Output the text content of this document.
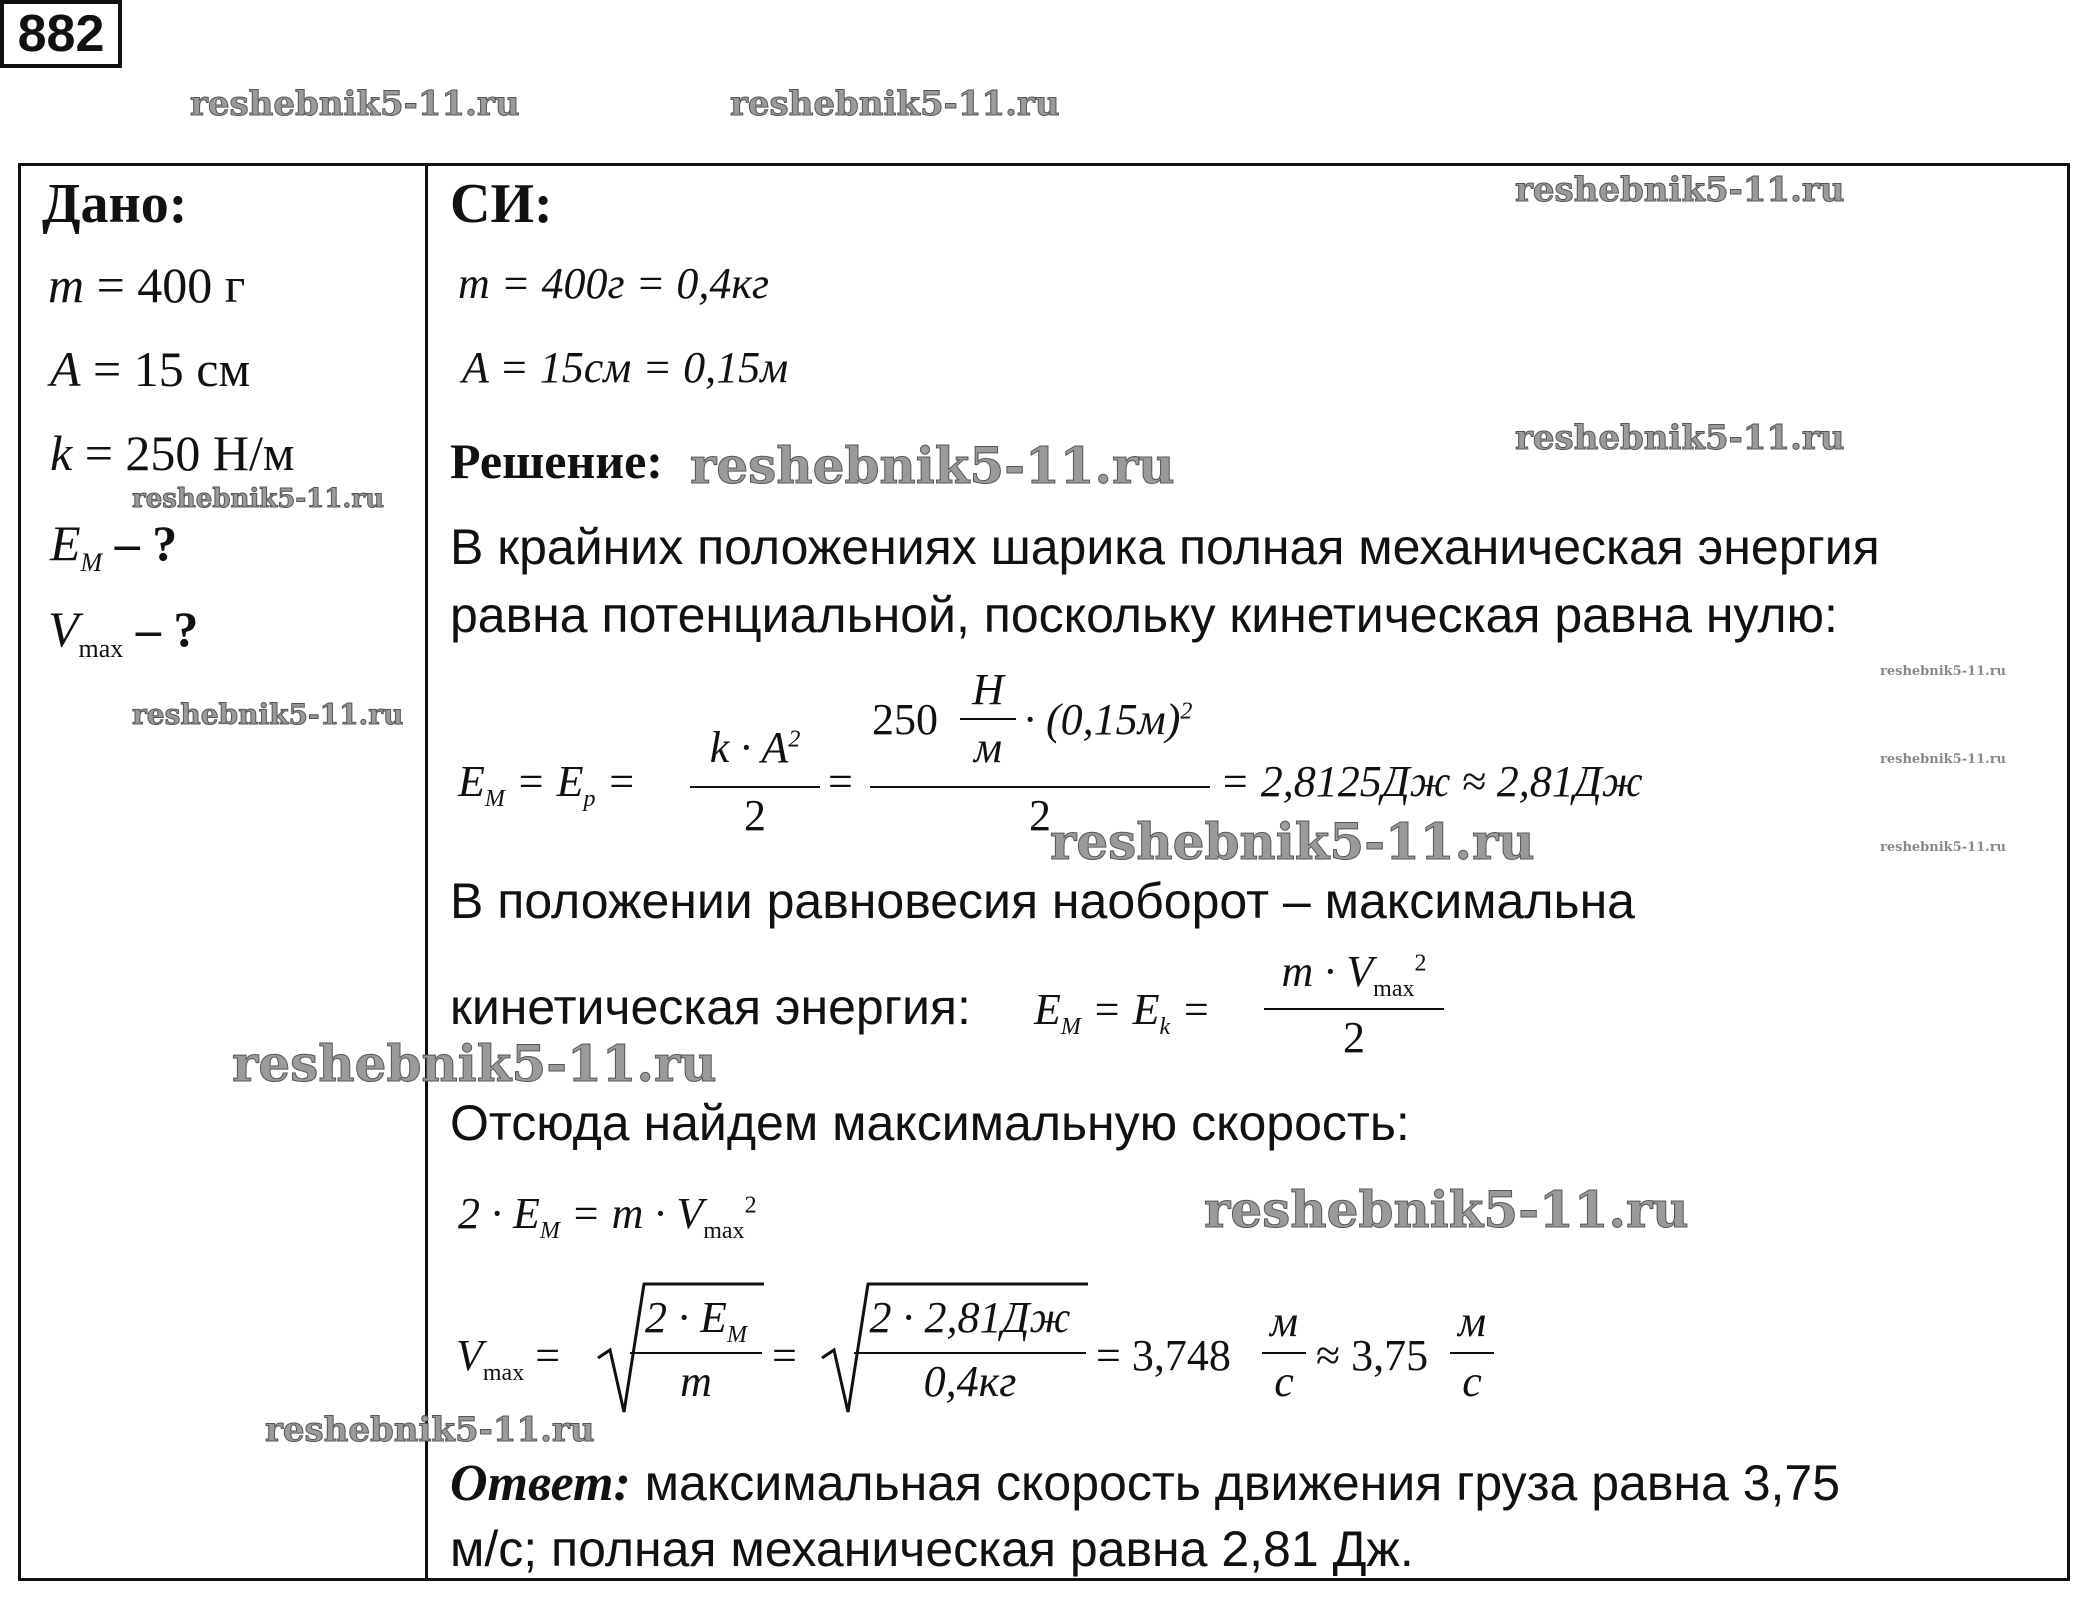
882
reshebnik5-11.ru	reshebnik5-11.ru
Дано:
m = 400 г
A = 15 см
k = 250 Н/м
reshebnik5-11.ru
$E_M$ – ?
$V_{max}$ – ?
reshebnik5-11.ru
СИ:	reshebnik5-11.ru
m = 400г = 0,4кг
A = 15см = 0,15м
Решение: reshebnik5-11.ru	reshebnik5-11.ru
В крайних положениях шарика полная механическая энергия
равна потенциальной, поскольку кинетическая равна нулю:
reshebnik5-11.ru
reshebnik5-11.ru
reshebnik5-11.ru
$E_M = E_p$ =
$k \cdot A^2$
2
=
250
Н
м
· $(0,15м)^2$
2
= 2,8125Дж ≈ 2,81Дж
reshebnik5-11.ru
В положении равновесия наоборот – максимальна
кинетическая энергия: $E_M = E_k$ =
$m \cdot V_{max}^2$
2
reshebnik5-11.ru
Отсюда найдем максимальную скорость:
$2 \cdot E_M = m \cdot V_{max}^2$	reshebnik5-11.ru
$V_{max}$ =
$2 \cdot E_M$
m
=
2 · 2,81Дж
0,4кг
= 3,748
м
с
≈ 3,75
м
с
reshebnik5-11.ru
Ответ: максимальная скорость движения груза равна 3,75
м/с; полная механическая равна 2,81 Дж.
